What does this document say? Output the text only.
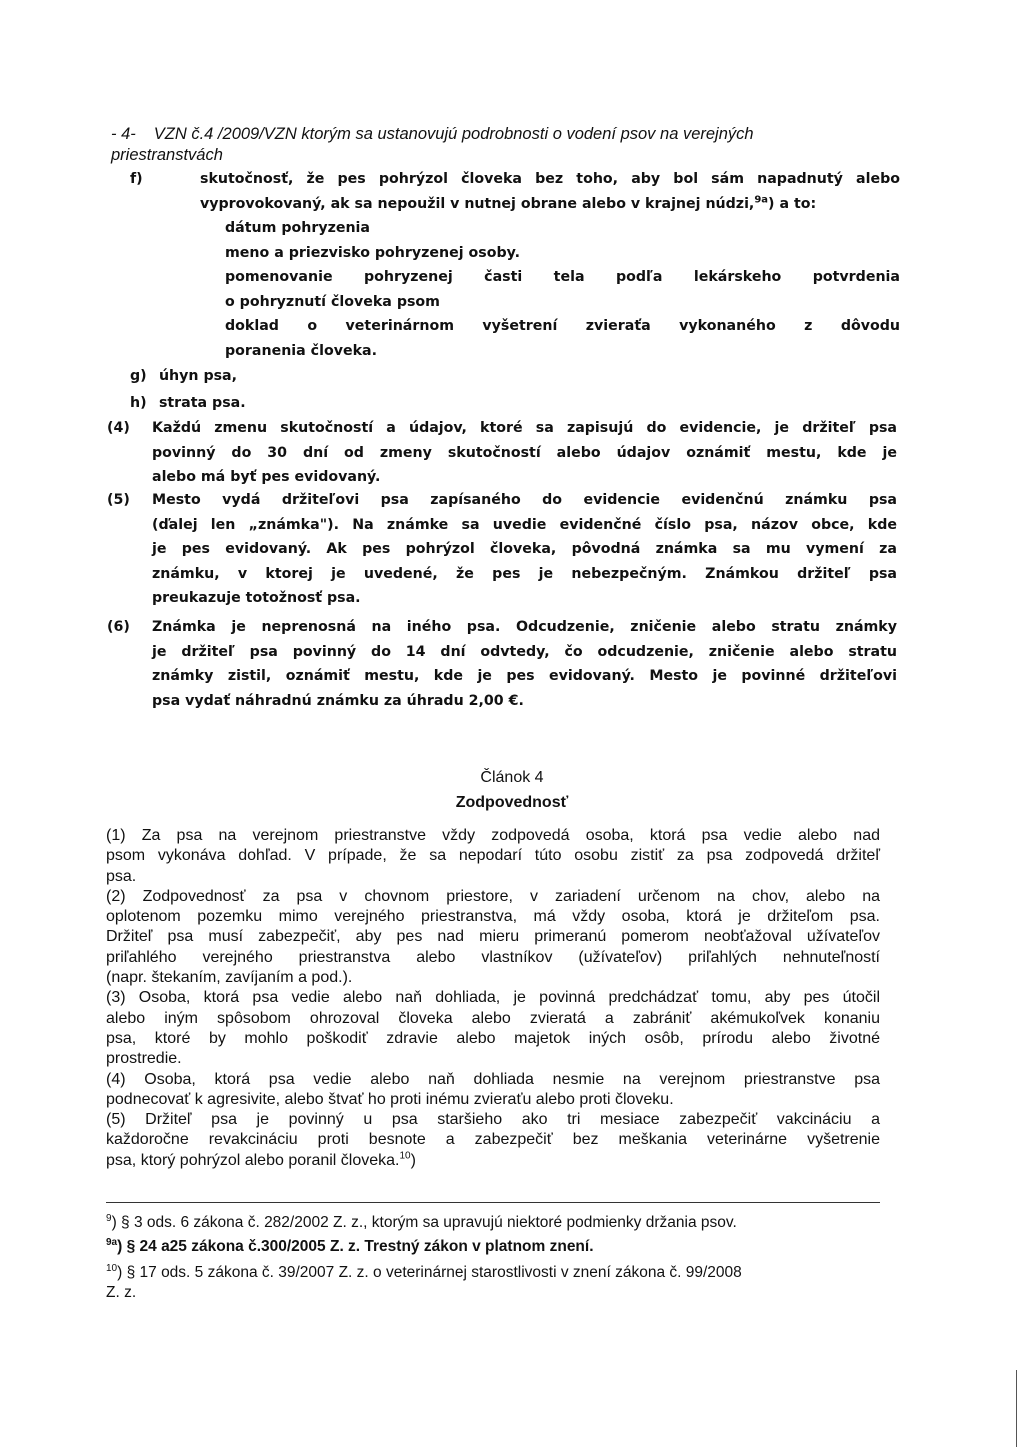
- 4- VZN č.4 /2009/VZN ktorým sa ustanovujú podrobnosti o vodení psov na verejných
priestranstvách
f)	skutočnosť, že pes pohrýzol človeka bez toho, aby bol sám napadnutý alebo
vyprovokovaný, ak sa nepoužil v nutnej obrane alebo v krajnej núdzi,$^{9a}$) a to:
dátum pohryzenia
meno a priezvisko pohryzenej osoby.
pomenovanie pohryzenej časti tela podľa lekárskeho potvrdenia
o pohryznutí človeka psom
doklad o veterinárnom vyšetrení zvieraťa vykonaného z dôvodu
poranenia človeka.
g) úhyn psa,
h) strata psa.
(4) Každú zmenu skutočností a údajov, ktoré sa zapisujú do evidencie, je držiteľ psa
povinný do 30 dní od zmeny skutočností alebo údajov oznámiť mestu, kde je
alebo má byť pes evidovaný.
(5) Mesto vydá držiteľovi psa zapísaného do evidencie evidenčnú známku psa
(ďalej len „známka"). Na známke sa uvedie evidenčné číslo psa, názov obce, kde
je pes evidovaný. Ak pes pohrýzol človeka, pôvodná známka sa mu vymení za
známku, v ktorej je uvedené, že pes je nebezpečným. Známkou držiteľ psa
preukazuje totožnosť psa.
(6) Známka je neprenosná na iného psa. Odcudzenie, zničenie alebo stratu známky
je držiteľ psa povinný do 14 dní odvtedy, čo odcudzenie, zničenie alebo stratu
známky zistil, oznámiť mestu, kde je pes evidovaný. Mesto je povinné držiteľovi
psa vydať náhradnú známku za úhradu 2,00 €.
Článok 4
Zodpovednosť
(1) Za psa na verejnom priestranstve vždy zodpovedá osoba, ktorá psa vedie alebo nad
psom vykonáva dohľad. V prípade, že sa nepodarí túto osobu zistiť za psa zodpovedá držiteľ
psa.
(2) Zodpovednosť za psa v chovnom priestore, v zariadení určenom na chov, alebo na
oplotenom pozemku mimo verejného priestranstva, má vždy osoba, ktorá je držiteľom psa.
Držiteľ psa musí zabezpečiť, aby pes nad mieru primeranú pomerom neobťažoval užívateľov
priľahlého verejného priestranstva alebo vlastníkov (užívateľov) priľahlých nehnuteľností
(napr. štekaním, zavíjaním a pod.).
(3) Osoba, ktorá psa vedie alebo naň dohliada, je povinná predchádzať tomu, aby pes útočil
alebo iným spôsobom ohrozoval človeka alebo zvieratá a zabrániť akémukoľvek konaniu
psa, ktoré by mohlo poškodiť zdravie alebo majetok iných osôb, prírodu alebo životné
prostredie.
(4) Osoba, ktorá psa vedie alebo naň dohliada nesmie na verejnom priestranstve psa
podnecovať k agresivite, alebo štvať ho proti inému zvieraťu alebo proti človeku.
(5) Držiteľ psa je povinný u psa staršieho ako tri mesiace zabezpečiť vakcináciu a
každoročne revakcináciu proti besnote a zabezpečiť bez meškania veterinárne vyšetrenie
psa, ktorý pohrýzol alebo poranil človeka.$^{10}$)
$^9$) § 3 ods. 6 zákona č. 282/2002 Z. z., ktorým sa upravujú niektoré podmienky držania psov.
$^{9a}$) § 24 a25 zákona č.300/2005 Z. z. Trestný zákon v platnom znení.
$^{10}$) § 17 ods. 5 zákona č. 39/2007 Z. z. o veterinárnej starostlivosti v znení zákona č. 99/2008
Z. z.
